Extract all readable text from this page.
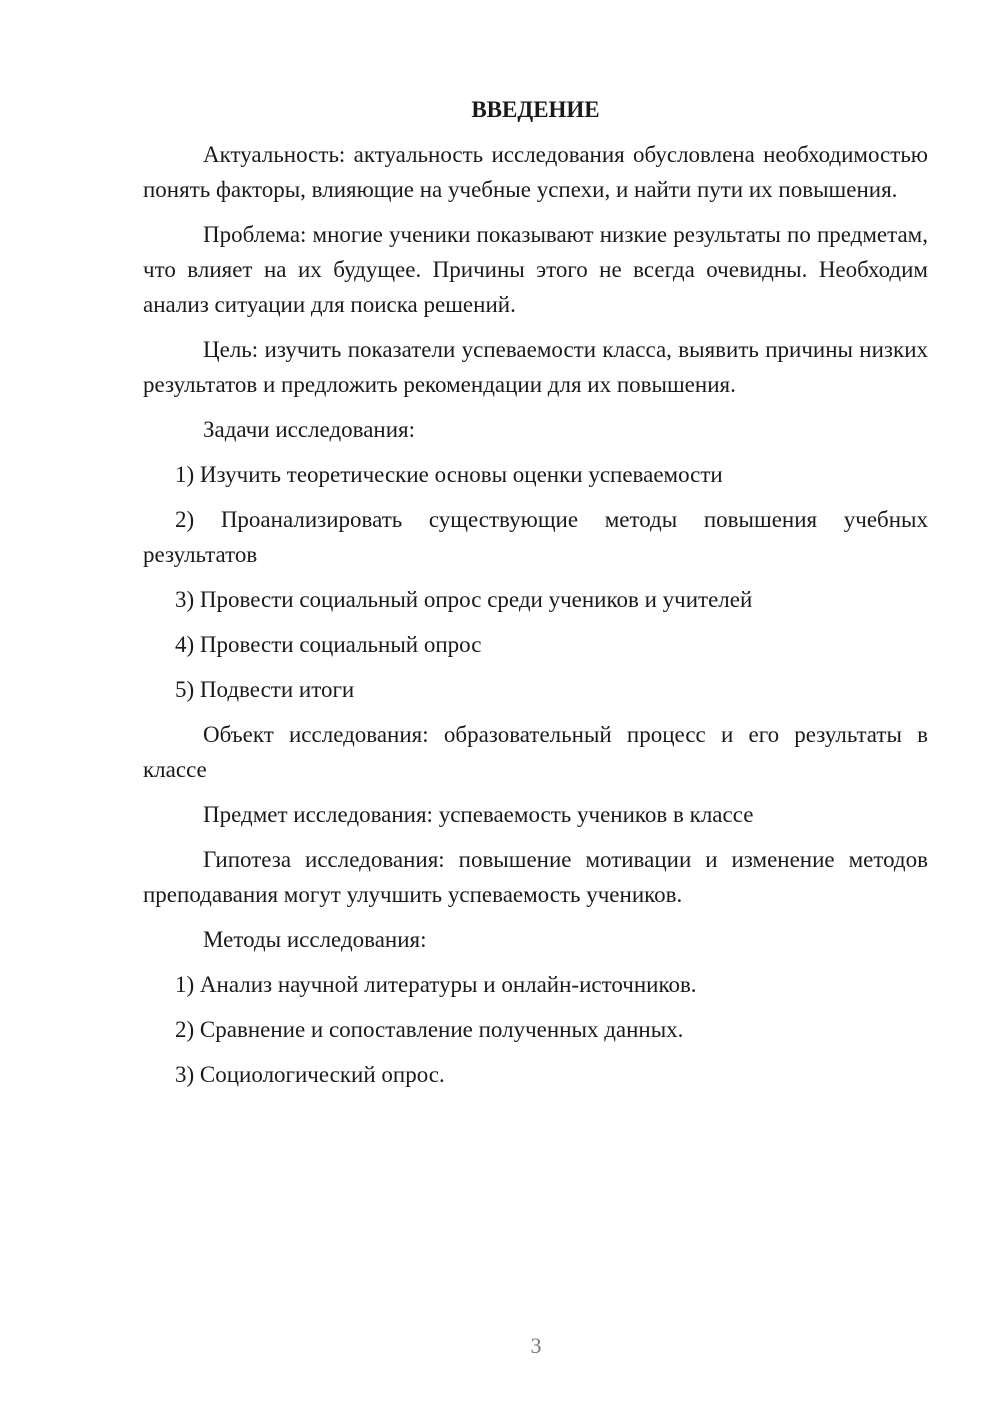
ВВЕДЕНИЕ

Актуальность: актуальность исследования обусловлена необходимостью понять факторы, влияющие на учебные успехи, и найти пути их повышения.

Проблема: многие ученики показывают низкие результаты по предметам, что влияет на их будущее. Причины этого не всегда очевидны. Необходим анализ ситуации для поиска решений.

Цель: изучить показатели успеваемости класса, выявить причины низких результатов и предложить рекомендации для их повышения.

Задачи исследования:

1) Изучить теоретические основы оценки успеваемости

2) Проанализировать существующие методы повышения учебных результатов

3) Провести социальный опрос среди учеников и учителей

4) Провести социальный опрос

5) Подвести итоги

Объект исследования: образовательный процесс и его результаты в классе

Предмет исследования: успеваемость учеников в классе

Гипотеза исследования: повышение мотивации и изменение методов преподавания могут улучшить успеваемость учеников.

Методы исследования:

1) Анализ научной литературы и онлайн-источников.

2) Сравнение и сопоставление полученных данных.

3) Социологический опрос.

3
